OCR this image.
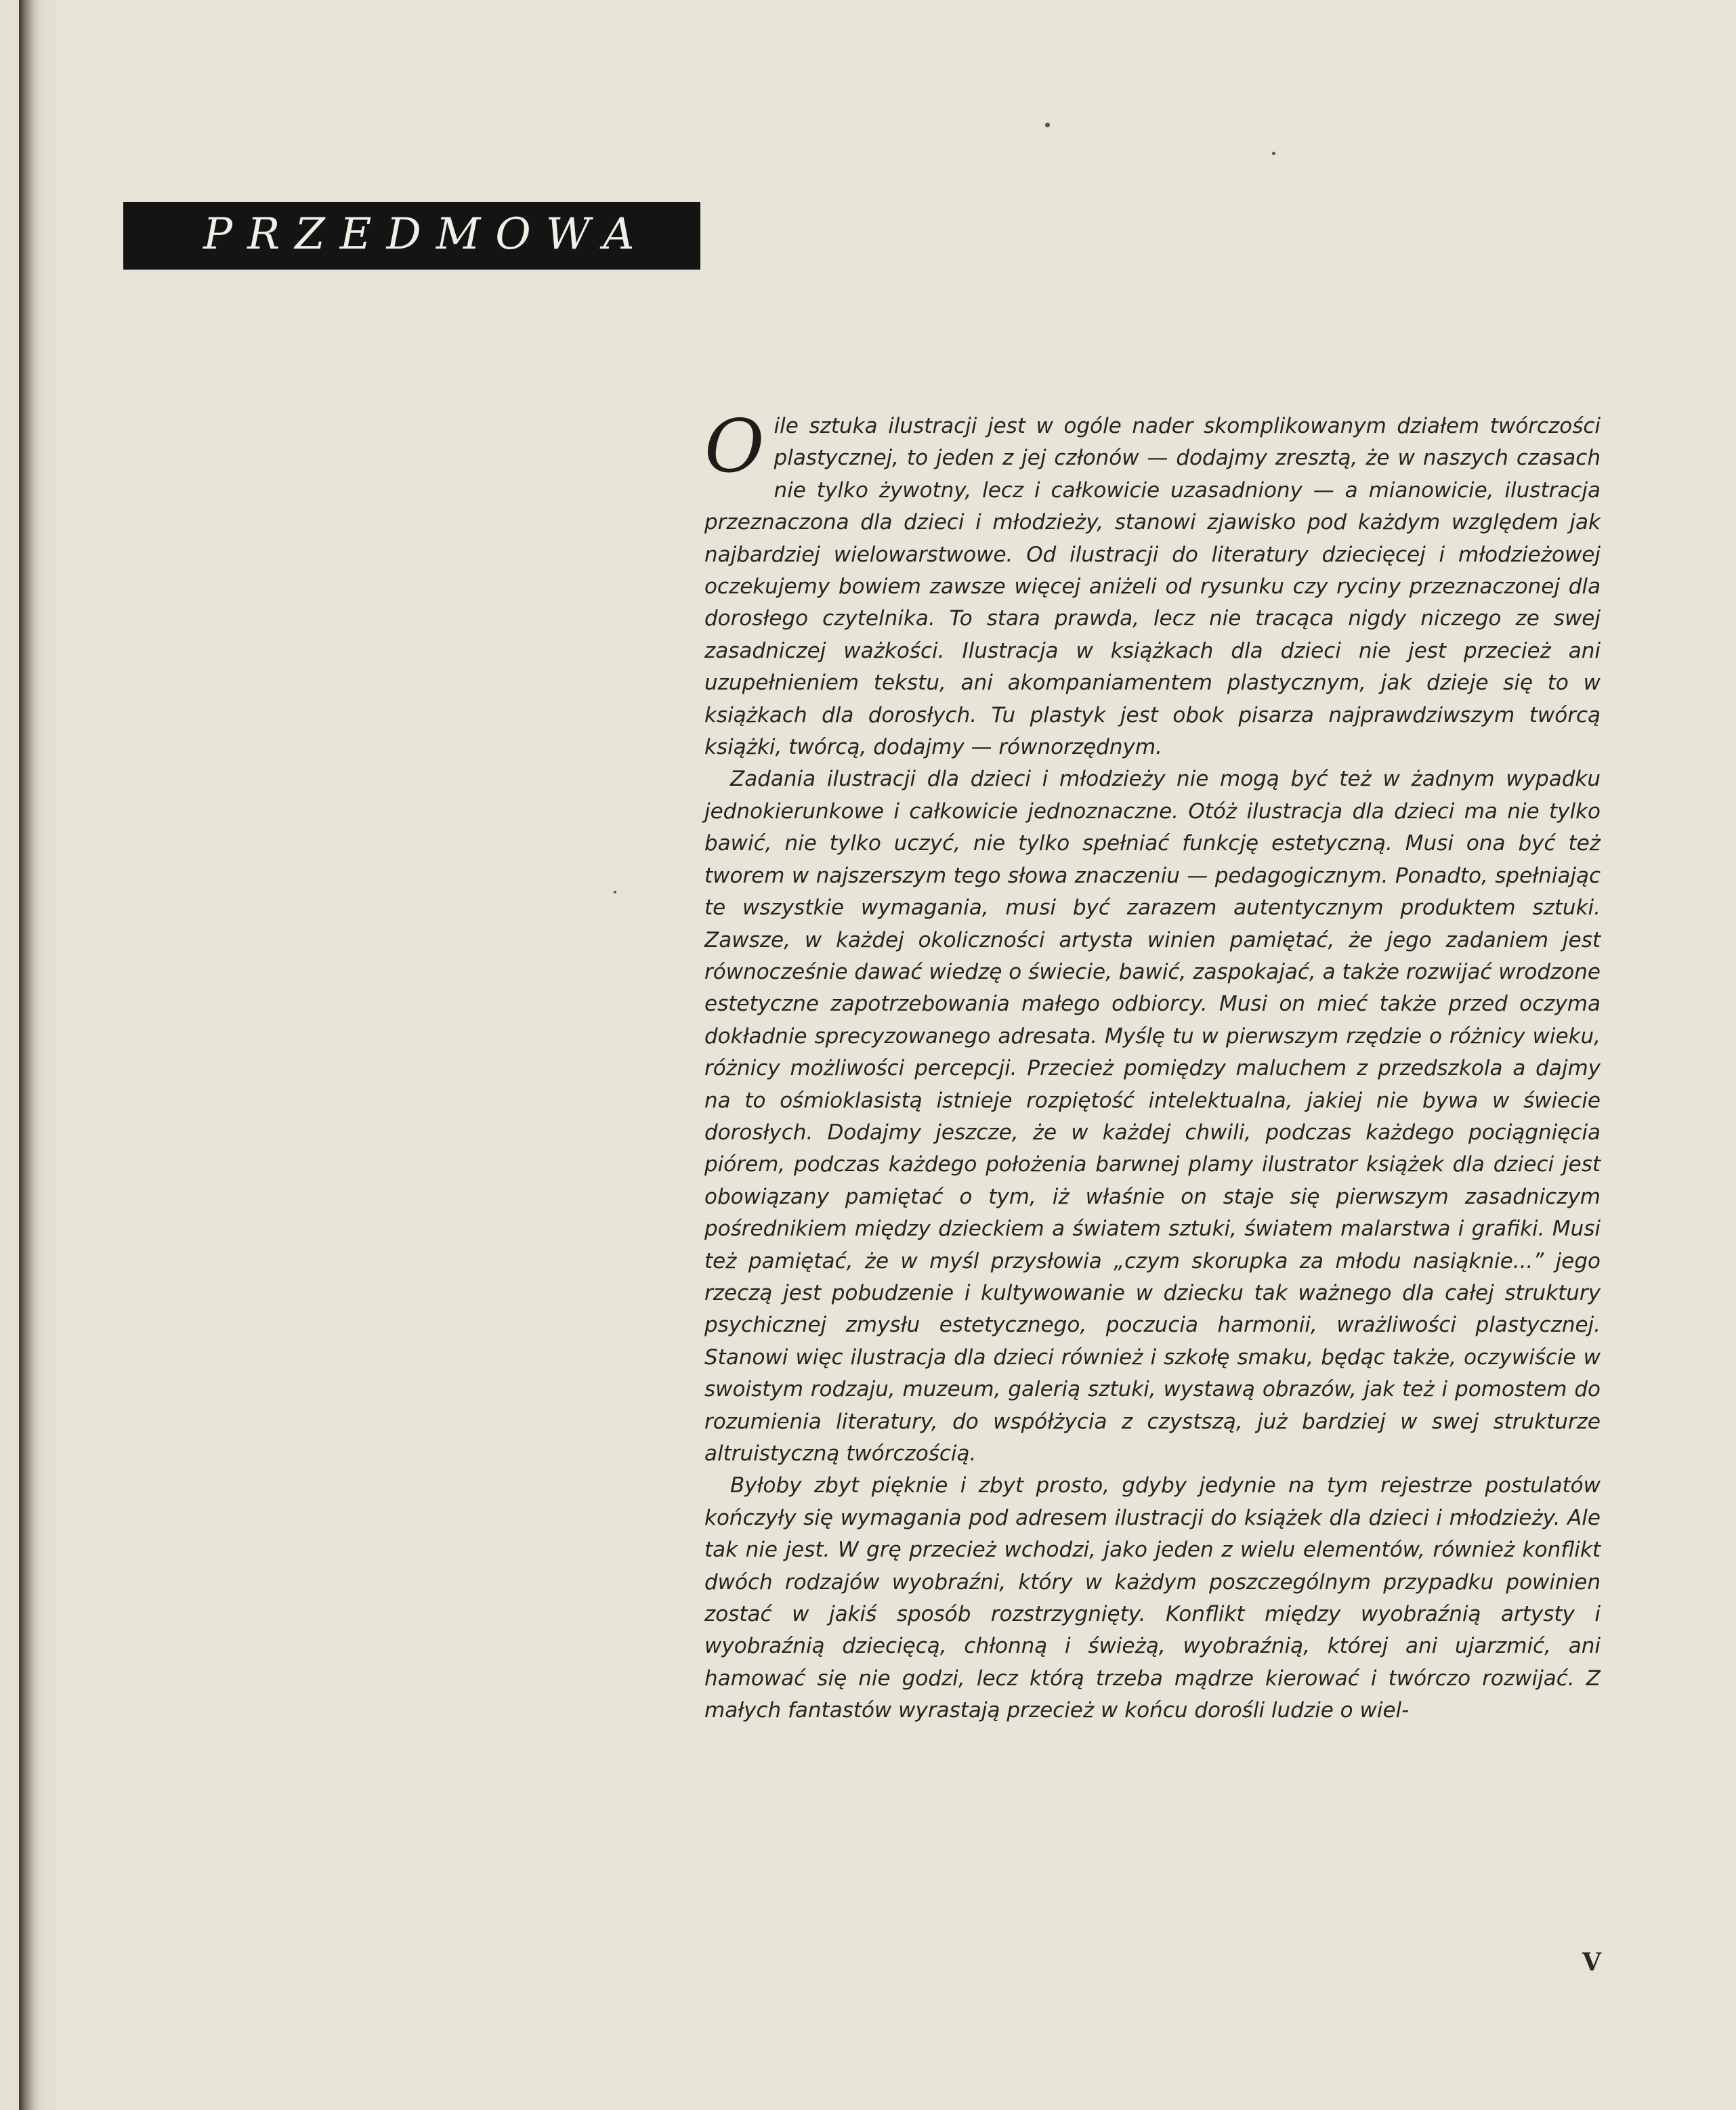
PRZEDMOWA

Oile sztuka ilustracji jest w ogóle nader skomplikowanym działem twórczości plastycznej, to jeden z jej członów — dodajmy zresztą, że w naszych czasach nie tylko żywotny, lecz i całkowicie uzasadniony — a mianowicie, ilustracja przeznaczona dla dzieci i młodzieży, stanowi zjawisko pod każdym względem jak najbardziej wielowarstwowe. Od ilustracji do literatury dziecięcej i młodzieżowej oczekujemy bowiem zawsze więcej aniżeli od rysunku czy ryciny przeznaczonej dla dorosłego czytelnika. To stara prawda, lecz nie tracąca nigdy niczego ze swej zasadniczej ważkości. Ilustracja w książkach dla dzieci nie jest przecież ani uzupełnieniem tekstu, ani akompaniamentem plastycznym, jak dzieje się to w książkach dla dorosłych. Tu plastyk jest obok pisarza najprawdziwszym twórcą książki, twórcą, dodajmy — równorzędnym.

Zadania ilustracji dla dzieci i młodzieży nie mogą być też w żadnym wypadku jednokierunkowe i całkowicie jednoznaczne. Otóż ilustracja dla dzieci ma nie tylko bawić, nie tylko uczyć, nie tylko spełniać funkcję estetyczną. Musi ona być też tworem w najszerszym tego słowa znaczeniu — pedagogicznym. Ponadto, spełniając te wszystkie wymagania, musi być zarazem autentycznym produktem sztuki. Zawsze, w każdej okoliczności artysta winien pamiętać, że jego zadaniem jest równocześnie dawać wiedzę o świecie, bawić, zaspokajać, a także rozwijać wrodzone estetyczne zapotrzebowania małego odbiorcy. Musi on mieć także przed oczyma dokładnie sprecyzowanego adresata. Myślę tu w pierwszym rzędzie o różnicy wieku, różnicy możliwości percepcji. Przecież pomiędzy maluchem z przedszkola a dajmy na to ośmioklasistą istnieje rozpiętość intelektualna, jakiej nie bywa w świecie dorosłych. Dodajmy jeszcze, że w każdej chwili, podczas każdego pociągnięcia piórem, podczas każdego położenia barwnej plamy ilustrator książek dla dzieci jest obowiązany pamiętać o tym, iż właśnie on staje się pierwszym zasadniczym pośrednikiem między dzieckiem a światem sztuki, światem malarstwa i grafiki. Musi też pamiętać, że w myśl przysłowia „czym skorupka za młodu nasiąknie...” jego rzeczą jest pobudzenie i kultywowanie w dziecku tak ważnego dla całej struktury psychicznej zmysłu estetycznego, poczucia harmonii, wrażliwości plastycznej. Stanowi więc ilustracja dla dzieci również i szkołę smaku, będąc także, oczywiście w swoistym rodzaju, muzeum, galerią sztuki, wystawą obrazów, jak też i pomostem do rozumienia literatury, do współżycia z czystszą, już bardziej w swej strukturze altruistyczną twórczością.

Byłoby zbyt pięknie i zbyt prosto, gdyby jedynie na tym rejestrze postulatów kończyły się wymagania pod adresem ilustracji do książek dla dzieci i młodzieży. Ale tak nie jest. W grę przecież wchodzi, jako jeden z wielu elementów, również konflikt dwóch rodzajów wyobraźni, który w każdym poszczególnym przypadku powinien zostać w jakiś sposób rozstrzygnięty. Konflikt między wyobraźnią artysty i wyobraźnią dziecięcą, chłonną i świeżą, wyobraźnią, której ani ujarzmić, ani hamować się nie godzi, lecz którą trzeba mądrze kierować i twórczo rozwijać. Z małych fantastów wyrastają przecież w końcu dorośli ludzie o wiel-

V
